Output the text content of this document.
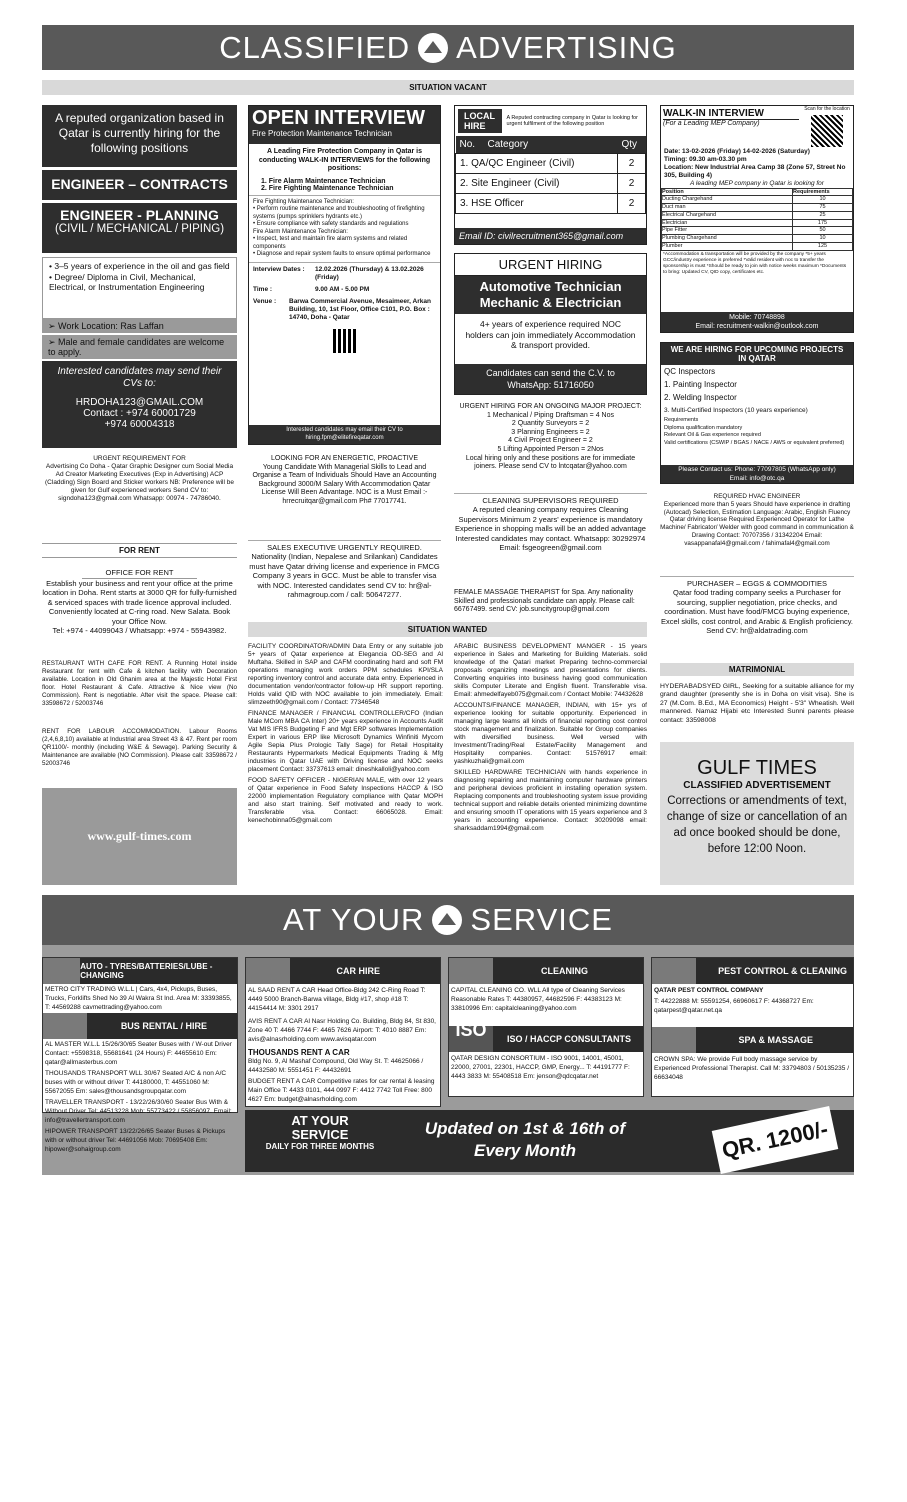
CLASSIFIED ADVERTISING
SITUATION VACANT
A reputed organization based in Qatar is currently hiring for the following positions
ENGINEER – CONTRACTS
ENGINEER - PLANNING
(CIVIL / MECHANICAL / PIPING)
• 3–5 years of experience in the oil and gas field
• Degree/ Diploma in Civil, Mechanical, Electrical, or Instrumentation Engineering
➢ Work Location: Ras Laffan
➢ Male and female candidates are welcome to apply.
Interested candidates may send their CVs to:
HRDOHA123@GMAIL.COM
Contact : +974 60001729
+974 60004318
OPEN INTERVIEW
Fire Protection Maintenance Technician
A Leading Fire Protection Company in Qatar is conducting WALK-IN INTERVIEWS for the following positions:
1. Fire Alarm Maintenance Technician
2. Fire Fighting Maintenance Technician
Fire Fighting Maintenance Technician:
• Perform routine maintenance and troubleshooting of firefighting systems (pumps sprinklers hydrants etc.)
• Ensure compliance with safety standards and regulations
Fire Alarm Maintenance Technician:
• Inspect, test and maintain fire alarm systems and related components
• Diagnose and repair system faults to ensure optimal performance
Interview Dates :	12.02.2026 (Thursday) & 13.02.2026 (Friday)
Time :	9.00 AM - 5.00 PM
Venue :	Barwa Commercial Avenue, Mesaimeer, Arkan Building, 10, 1st Floor, Office C101, P.O. Box : 14740, Doha - Qatar
Interested candidates may email their CV to hiring.fpm@elitefireqatar.com
LOCAL HIRE
A Reputed contracting company in Qatar is looking for urgent fulfilment of the following position
No.	Category	Qty
1. QA/QC Engineer (Civil)		2
2. Site Engineer (Civil)		2
3. HSE Officer		2
Email ID: civilrecruitment365@gmail.com
URGENT HIRING
Automotive Technician
Mechanic & Electrician
4+ years of experience required NOC holders can join immediately Accommodation & transport provided.
Candidates can send the C.V. to WhatsApp: 51716050
WALK-IN INTERVIEW
(For a Leading MEP Company)
Scan for the location
Date: 13-02-2026 (Friday) 14-02-2026 (Saturday)
Timing: 09.30 am-03.30 pm
Location: New Industrial Area Camp 38 (Zone 57, Street No 305, Building 4)
A leading MEP company in Qatar is looking for
Position	Requirements
Ducting Chargehand	10
Duct man	75
Electrical Chargehand	25
Electrician	175
Pipe Fitter	50
Plumbing Chargehand	10
Plumber	125
*Accommodation & transportation will be provided by the company *5+ years GCC/industry experience is preferred *Valid resident with noc to transfer the sponsorship is must *Should be ready to join with notice weeks maximum *Documents to bring: Updated CV, QID copy, certificates etc.
Mobile: 70748898
Email: recruitment-walkin@outlook.com
WE ARE HIRING FOR UPCOMING PROJECTS IN QATAR
QC Inspectors
1. Painting Inspector
2. Welding Inspector
3. Multi-Certified Inspectors (10 years experience)
Requirements
Diploma qualification mandatory
Relevant Oil & Gas experience required
Valid certifications (CSWIP / BGAS / NACE / AWS or equivalent preferred)
Please Contact us: Phone: 77097805 (WhatsApp only)
Email: info@otc.qa
URGENT REQUIREMENT FOR
Advertising Co Doha - Qatar Graphic Designer cum Social Media Ad Creator Marketing Executives (Exp in Advertising) ACP (Cladding) Sign Board and Sticker workers NB: Preference will be given for Gulf experienced workers Send CV to: signdoha123@gmail.com Whatsapp: 00974 - 74786040.
FOR RENT
OFFICE FOR RENT
Establish your business and rent your office at the prime location in Doha. Rent starts at 3000 QR for fully-furnished & serviced spaces with trade licence approval included. Conveniently located at C-ring road. New Salata. Book your Office Now.
Tel: +974 - 44099043 / Whatsapp: +974 - 55943982.
RESTAURANT WITH CAFE FOR RENT. A Running Hotel inside Restaurant for rent with Cafe & kitchen facility with Decoration available. Location in Old Ghanim area at the Majestic Hotel First floor. Hotel Restaurant & Cafe. Attractive & Nice view (No Commission). Rent is negotiable. After visit the space. Please call: 33598672 / 52003746
RENT FOR LABOUR ACCOMMODATION. Labour Rooms (2,4,6,8,10) available at Industrial area Street 43 & 47. Rent per room QR1100/- monthly (including W&E & Sewage). Parking Security & Maintenance are available (NO Commission). Please call: 33598672 / 52003746
www.gulf-times.com
LOOKING FOR AN ENERGETIC, PROACTIVE
Young Candidate With Managerial Skills to Lead and Organise a Team of Individuals Should Have an Accounting Background 3000/M Salary With Accommodation Qatar License Will Been Advantage. NOC is a Must Email :- hrrecruitqar@gmail.com Ph# 77017741.
SALES EXECUTIVE URGENTLY REQUIRED.
Nationality (Indian, Nepalese and Srilankan) Candidates must have Qatar driving license and experience in FMCG Company 3 years in GCC. Must be able to transfer visa with NOC. Interested candidates send CV to: hr@al-rahmagroup.com / call: 50647277.
URGENT HIRING FOR AN ONGOING MAJOR PROJECT:
1 Mechanical / Piping Draftsman = 4 Nos
2 Quantity Surveyors = 2
3 Planning Engineers = 2
4 Civil Project Engineer = 2
5 Lifting Appointed Person = 2Nos
Local hiring only and these positions are for immediate joiners. Please send CV to lntcqatar@yahoo.com
CLEANING SUPERVISORS REQUIRED
A reputed cleaning company requires Cleaning Supervisors Minimum 2 years' experience is mandatory Experience in shopping malls will be an added advantage Interested candidates may contact. Whatsapp: 30292974 Email: fsgeogreen@gmail.com
FEMALE MASSAGE THERAPIST for Spa. Any nationality Skilled and professionals candidate can apply. Please call: 66767499. send CV: job.suncitygroup@gmail.com
REQUIRED HVAC ENGINEER
Experienced more than 5 years Should have experience in drafting (Autocad) Selection, Estimation Language: Arabic, English Fluency Qatar driving license Required Experienced Operator for Lathe Machine/ Fabricator/ Welder with good command in communication & Drawing Contact: 70707356 / 31342204 Email: vasappanafal4@gmail.com / fahimafal4@gmail.com
PURCHASER – EGGS & COMMODITIES
Qatar food trading company seeks a Purchaser for sourcing, supplier negotiation, price checks, and coordination. Must have food/FMCG buying experience, Excel skills, cost control, and Arabic & English proficiency. Send CV: hr@aldatrading.com
MATRIMONIAL
HYDERABADSYED GIRL, Seeking for a suitable alliance for my grand daughter (presently she is in Doha on visit visa). She is 27 (M.Com. B.Ed., MA Economics) Height - 5'3" Wheatish. Well mannered. Namaz Hijabi etc Interested Sunni parents please contact: 33598008
GULF TIMES
CLASSIFIED ADVERTISEMENT
Corrections or amendments of text, change of size or cancellation of an ad once booked should be done, before 12:00 Noon.
SITUATION WANTED
FACILITY COORDINATOR/ADMIN Data Entry or any suitable job 5+ years of Qatar experience at Elegancia OD-SEG and Al Muftaha. Skilled in SAP and CAFM coordinating hard and soft FM operations managing work orders PPM schedules KPI/SLA reporting inventory control and accurate data entry. Experienced in documentation vendor/contractor follow-up HR support reporting. Holds valid QID with NOC available to join immediately. Email: slimzeeth90@gmail.com / Contact: 77346548
FINANCE MANAGER / FINANCIAL CONTROLLER/CFO (Indian Male MCom MBA CA Inter) 20+ years experience in Accounts Audit Vat MIS IFRS Budgeting F and Mgt ERP softwares Implementation Expert in various ERP like Microsoft Dynamics Winfiniti Mycom Agile Sepia Plus Prologic Tally Sage) for Retail Hospitality Restaurants Hypermarkets Medical Equipments Trading & Mfg industries in Qatar UAE with Driving license and NOC seeks placement Contact: 33737613 email: dineshkalloli@yahoo.com
FOOD SAFETY OFFICER - NIGERIAN MALE, with over 12 years of Qatar experience in Food Safety Inspections HACCP & ISO 22000 implementation Regulatory compliance with Qatar MOPH and also start training. Self motivated and ready to work. Transferable visa. Contact: 66065028. Email: kenechobinna05@gmail.com
ARABIC BUSINESS DEVELOPMENT MANGER - 15 years experience in Sales and Marketing for Building Materials. solid knowledge of the Qatari market Preparing techno-commercial proposals organizing meetings and presentations for clients. Converting enquiries into business having good communication skills Computer Literate and English fluent. Transferable visa. Email: ahmedelfayeb075@gmail.com / Contact Mobile: 74432628
ACCOUNTS/FINANCE MANAGER, INDIAN, with 15+ yrs of experience looking for suitable opportunity. Experienced in managing large teams all kinds of financial reporting cost control stock management and finalization. Suitable for Group companies with diversified business. Well versed with Investment/Trading/Real Estate/Facility Management and Hospitality companies. Contact: 51576917 email: yashkuzhali@gmail.com
SKILLED HARDWARE TECHNICIAN with hands experience in diagnosing repairing and maintaining computer hardware printers and peripheral devices proficient in installing operation system. Replacing components and troubleshooting system issue providing technical support and reliable details oriented minimizing downtime and ensuring smooth IT operations with 15 years experience and 3 years in accounting experience. Contact: 30209098 email: sharksaddam1994@gmail.com
AT YOUR SERVICE
AUTO - TYRES/BATTERIES/LUBE - CHANGING
METRO CITY TRADING W.L.L | Cars, 4x4, Pickups, Buses, Trucks, Forklifts Shed No 39 Al Wakra St Ind. Area M: 33393855, T: 44569288 cavmettrading@yahoo.com
BUS RENTAL / HIRE
AL MASTER W.L.L 15/26/30/65 Seater Buses with / W-out Driver Contact: +5598318, 55681641 (24 Hours) F: 44655610 Em: qatar@allmasterbus.com
THOUSANDS TRANSPORT WLL 30/67 Seated A/C & non A/C buses with or without driver T: 44180000, T: 44551060 M: 55672055 Em: sales@thousandsgroupqatar.com
TRAVELLER TRANSPORT - 13/22/26/30/60 Seater Bus With & Without Driver Tel: 44513228 Mob: 55773422 / 55856097. Email: info@travellertransport.com
HIPOWER TRANSPORT 13/22/26/65 Seater Buses & Pickups with or without driver Tel: 44691056 Mob: 70695408 Em: hipower@sohaigroup.com
CAR HIRE
AL SAAD RENT A CAR Head Office-Bldg 242 C-Ring Road T: 4449 5000 Branch-Barwa village, Bldg #17, shop #18 T: 44154414 M: 3301 2917
AVIS RENT A CAR Al Nasr Holding Co. Building, Bldg 84, St 830, Zone 40 T: 4466 7744 F: 4465 7626 Airport: T: 4010 8887 Em: avis@alnasrholding.com www.avisqatar.com
THOUSANDS RENT A CAR
Bldg No. 9, Al Mashaf Compound, Old Way St. T: 44625066 / 44432580 M: 5551451 F: 44432691
BUDGET RENT A CAR Competitive rates for car rental & leasing
Main Office T: 4433 0101, 444 0997 F: 4412 7742 Toll Free: 800 4627 Em: budget@alnasrholding.com
CLEANING
CAPITAL CLEANING CO. WLL All type of Cleaning Services Reasonable Rates T: 44380957, 44682596 F: 44383123 M: 33810996 Em: capitalcleaning@yahoo.com
ISO	ISO / HACCP CONSULTANTS
QATAR DESIGN CONSORTIUM - ISO 9001, 14001, 45001, 22000, 27001, 22301, HACCP, GMP, Energy... T: 44191777 F: 4443 3833 M: 55408518 Em: jenson@qdcqatar.net
PEST CONTROL & CLEANING
QATAR PEST CONTROL COMPANY
T: 44222888 M: 55591254, 66960617 F: 44368727 Em: qatarpest@qatar.net.qa
SPA & MASSAGE
CROWN SPA: We provide Full body massage service by Experienced Professional Therapist. Call M: 33794803 / 50135235 / 66634048
AT YOUR
SERVICE
DAILY FOR THREE MONTHS
Updated on 1st & 16th of Every Month	QR. 1200/-
